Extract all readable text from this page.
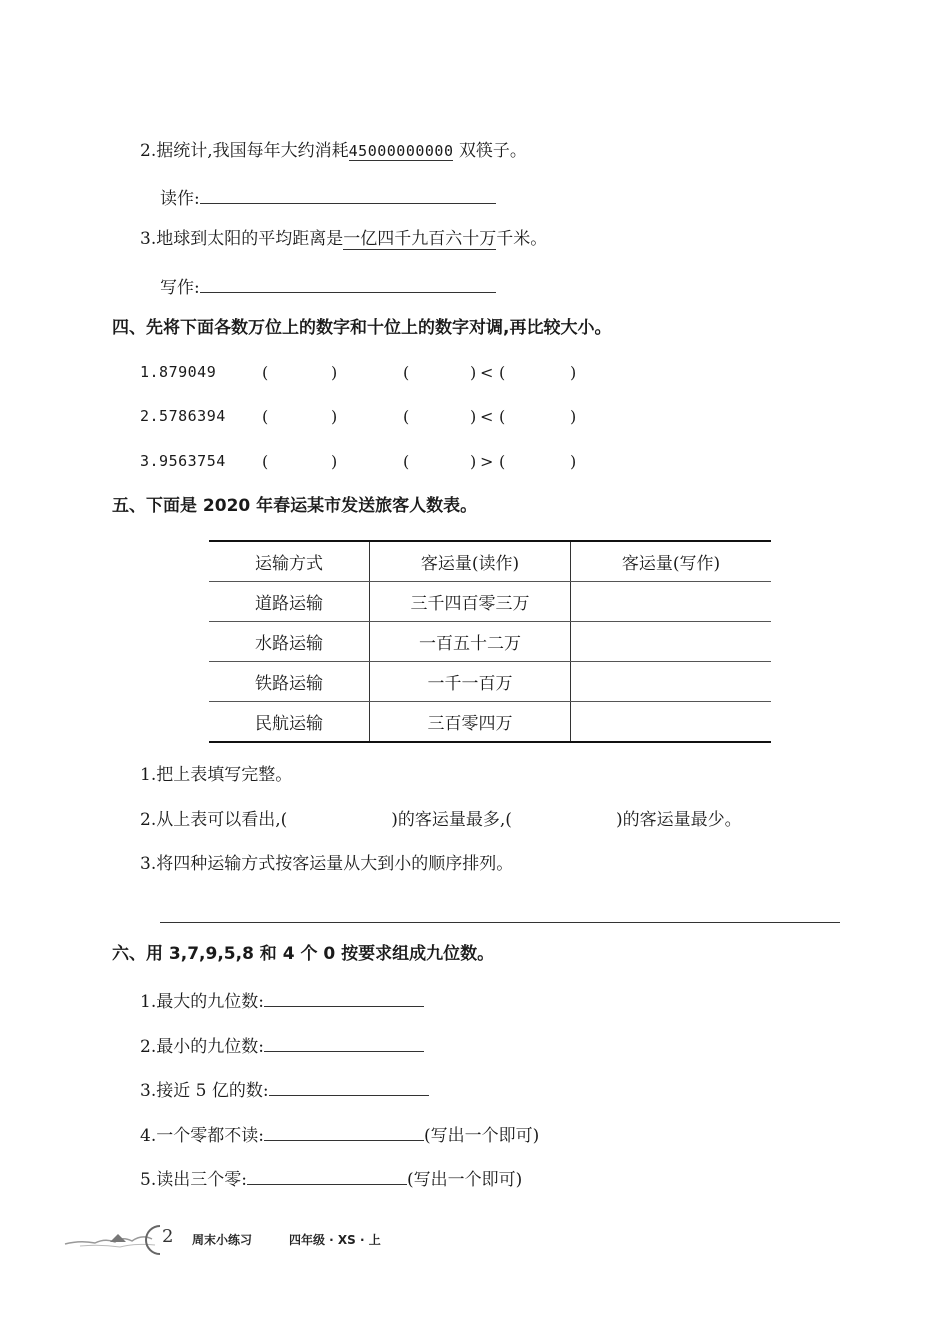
2.据统计,我国每年大约消耗45000000000 双筷子。
读作:
3.地球到太阳的平均距离是一亿四千九百六十万千米。
写作:
四、先将下面各数万位上的数字和十位上的数字对调,再比较大小。
1.879049	(	)	(	) < (	)
2.5786394 (	)	(	) < (	)
3.9563754 (	)	(	) > (	)
五、下面是 2020 年春运某市发送旅客人数表。
运输方式	客运量(读作)	客运量(写作)
道路运输	三千四百零三万	
水路运输	一百五十二万	
铁路运输	一千一百万	
民航运输	三百零四万	
1.把上表填写完整。
2.从上表可以看出,(	)的客运量最多,(	)的客运量最少。
3.将四种运输方式按客运量从大到小的顺序排列。
六、用 3,7,9,5,8 和 4 个 0 按要求组成九位数。
1.最大的九位数:
2.最小的九位数:
3.接近 5 亿的数:
4.一个零都不读:	(写出一个即可)
5.读出三个零:	(写出一个即可)
2 周末小练习	四年级 · XS · 上
